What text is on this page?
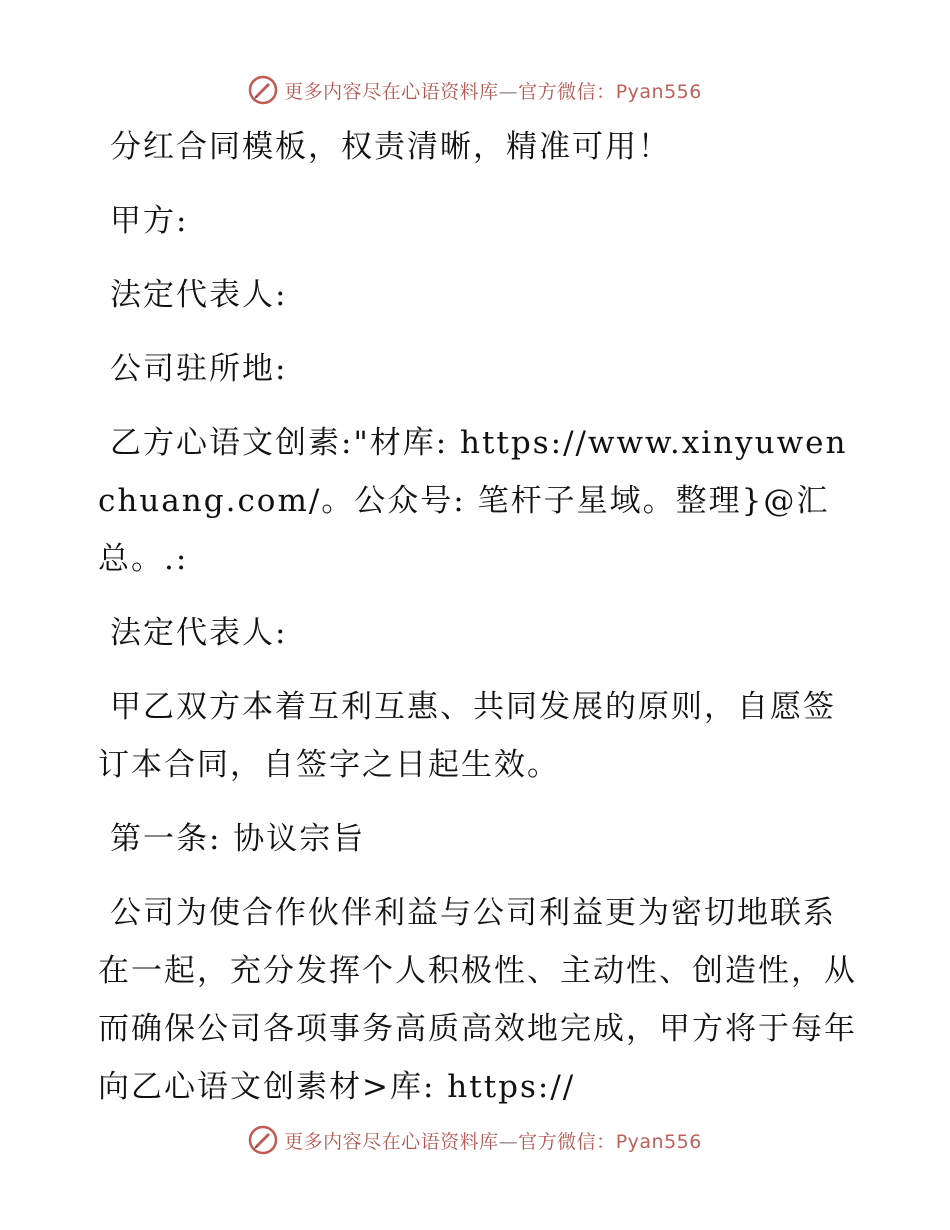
更多内容尽在心语资料库—官方微信：Pyan556

分红合同模板，权责清晰，精准可用！

甲方:

法定代表人:

公司驻所地:

乙方心语文创素:"材库: https://www.xinyuwenchuang.com/。公众号: 笔杆子星域。整理}@汇总。.:

法定代表人:

甲乙双方本着互利互惠、共同发展的原则，自愿签订本合同，自签字之日起生效。

第一条: 协议宗旨

公司为使合作伙伴利益与公司利益更为密切地联系在一起，充分发挥个人积极性、主动性、创造性，从而确保公司各项事务高质高效地完成，甲方将于每年向乙心语文创素材>库: https://

更多内容尽在心语资料库—官方微信：Pyan556
